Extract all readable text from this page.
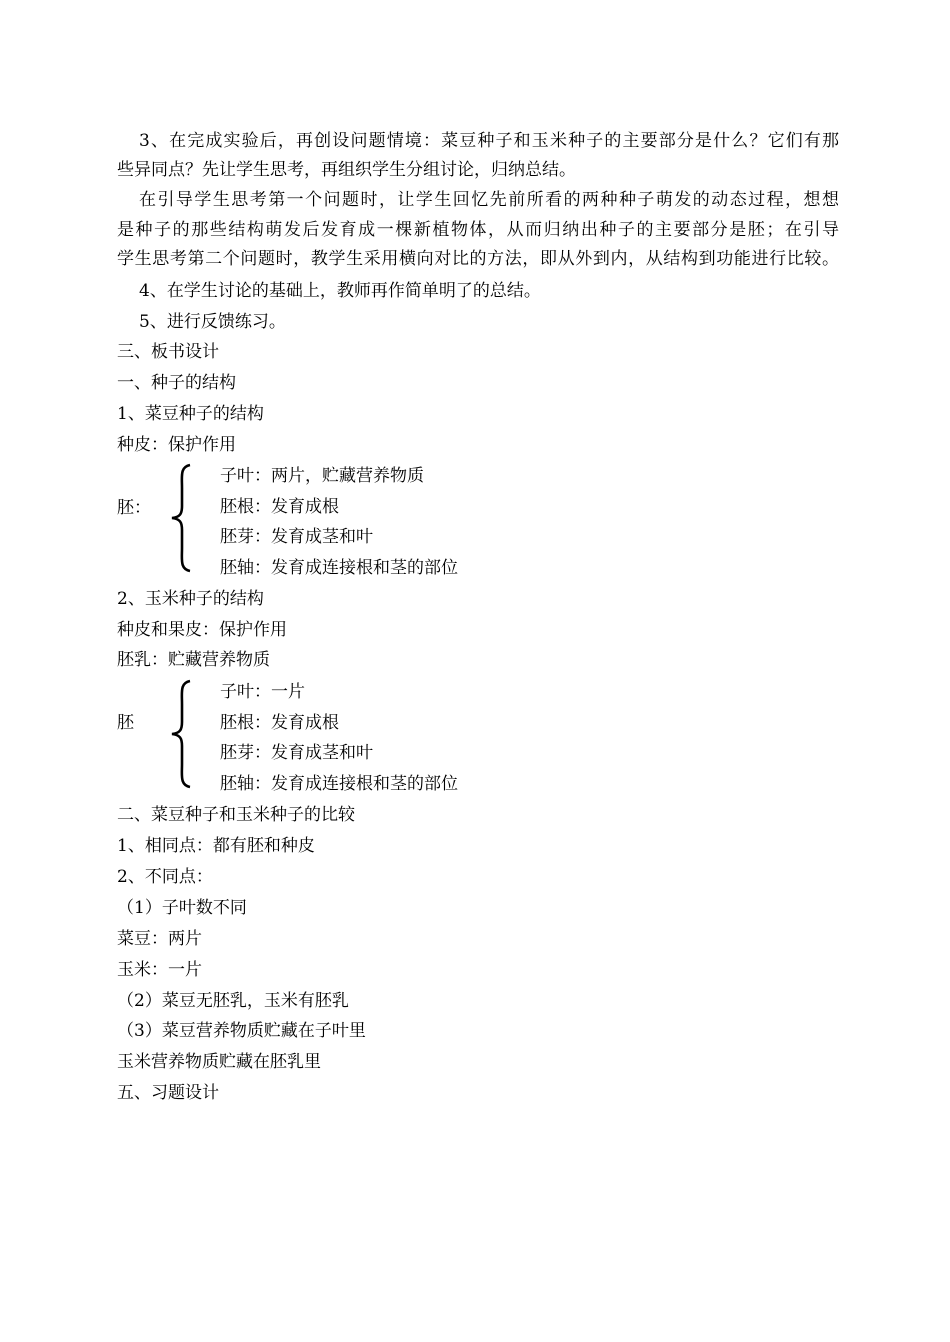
3、在完成实验后，再创设问题情境：菜豆种子和玉米种子的主要部分是什么？它们有那
些异同点？先让学生思考，再组织学生分组讨论，归纳总结。
在引导学生思考第一个问题时，让学生回忆先前所看的两种种子萌发的动态过程，想想
是种子的那些结构萌发后发育成一棵新植物体，从而归纳出种子的主要部分是胚；在引导
学生思考第二个问题时，教学生采用横向对比的方法，即从外到内，从结构到功能进行比较。
4、在学生讨论的基础上，教师再作简单明了的总结。
5、进行反馈练习。
三、板书设计
一、种子的结构
1、菜豆种子的结构
种皮：保护作用
胚：
子叶：两片，贮藏营养物质
胚根：发育成根
胚芽：发育成茎和叶
胚轴：发育成连接根和茎的部位
2、玉米种子的结构
种皮和果皮：保护作用
胚乳：贮藏营养物质
胚
子叶：一片
胚根：发育成根
胚芽：发育成茎和叶
胚轴：发育成连接根和茎的部位
二、菜豆种子和玉米种子的比较
1、相同点：都有胚和种皮
2、不同点：
（1）子叶数不同
菜豆：两片
玉米：一片
（2）菜豆无胚乳，玉米有胚乳
（3）菜豆营养物质贮藏在子叶里
玉米营养物质贮藏在胚乳里
五、习题设计
